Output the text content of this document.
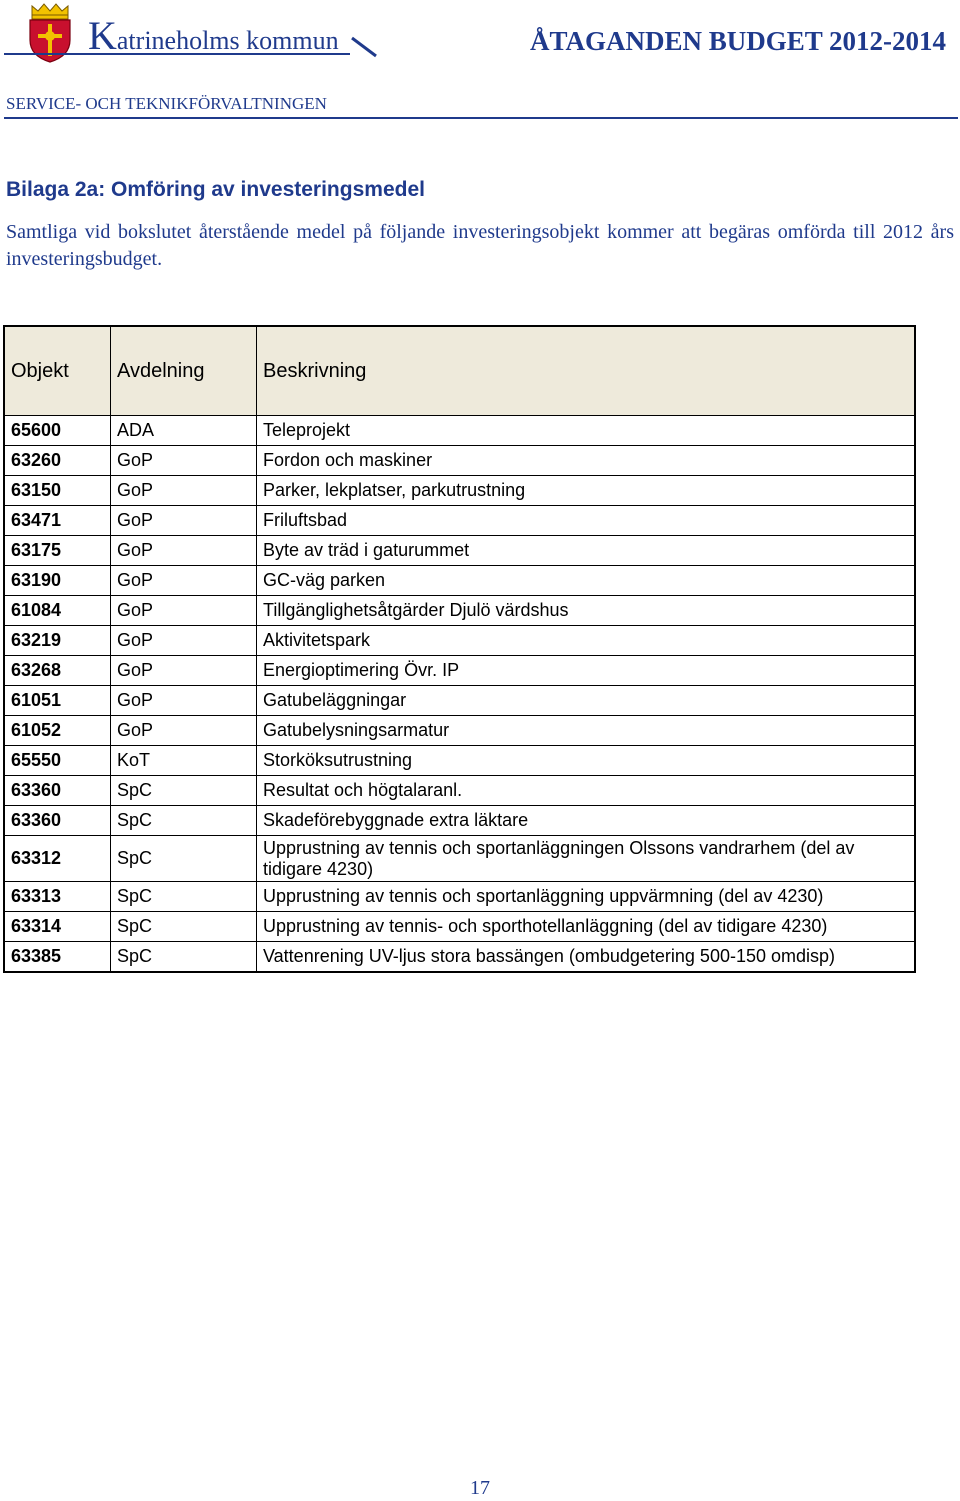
Katrineholms kommun	ÅTAGANDEN BUDGET 2012-2014
SERVICE- OCH TEKNIKFÖRVALTNINGEN
Bilaga 2a: Omföring av investeringsmedel
Samtliga vid bokslutet återstående medel på följande investeringsobjekt kommer att begäras omförda till 2012 års investeringsbudget.
Objekt	Avdelning	Beskrivning
65600	ADA	Teleprojekt
63260	GoP	Fordon och maskiner
63150	GoP	Parker, lekplatser, parkutrustning
63471	GoP	Friluftsbad
63175	GoP	Byte av träd i gaturummet
63190	GoP	GC-väg parken
61084	GoP	Tillgänglighetsåtgärder Djulö värdshus
63219	GoP	Aktivitetspark
63268	GoP	Energioptimering Övr. IP
61051	GoP	Gatubeläggningar
61052	GoP	Gatubelysningsarmatur
65550	KoT	Storköksutrustning
63360	SpC	Resultat och högtalaranl.
63360	SpC	Skadeförebyggnade extra läktare
63312	SpC	Upprustning av tennis och sportanläggningen Olssons vandrarhem (del av tidigare 4230)
63313	SpC	Upprustning av tennis och sportanläggning uppvärmning (del av 4230)
63314	SpC	Upprustning av tennis- och sporthotellanläggning (del av tidigare 4230)
63385	SpC	Vattenrening UV-ljus stora bassängen (ombudgetering 500-150 omdisp)
17
